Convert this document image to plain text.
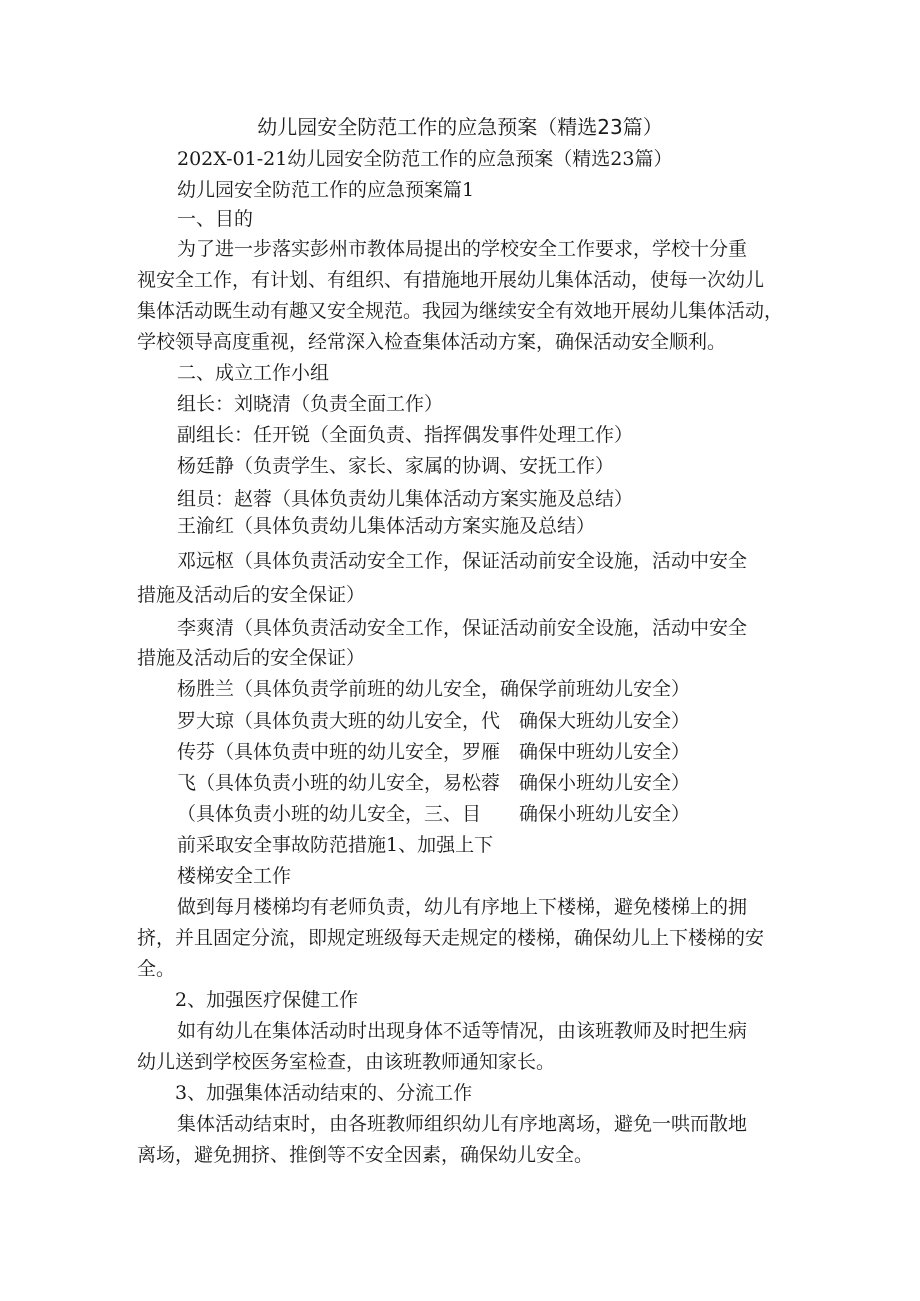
幼儿园安全防范工作的应急预案（精选23篇）

202X-01-21幼儿园安全防范工作的应急预案（精选23篇）

幼儿园安全防范工作的应急预案篇1

一、目的

为了进一步落实彭州市教体局提出的学校安全工作要求，学校十分重

视安全工作，有计划、有组织、有措施地开展幼儿集体活动，使每一次幼儿

集体活动既生动有趣又安全规范。我园为继续安全有效地开展幼儿集体活动，

学校领导高度重视，经常深入检查集体活动方案，确保活动安全顺利。

二、成立工作小组

组长：刘晓清（负责全面工作）

副组长：任开锐（全面负责、指挥偶发事件处理工作）

杨廷静（负责学生、家长、家属的协调、安抚工作）

组员：赵蓉（具体负责幼儿集体活动方案实施及总结）

王渝红（具体负责幼儿集体活动方案实施及总结）

邓远枢（具体负责活动安全工作，保证活动前安全设施，活动中安全

措施及活动后的安全保证）

李爽清（具体负责活动安全工作，保证活动前安全设施，活动中安全

措施及活动后的安全保证）

杨胜兰（具体负责学前班的幼儿安全，确保学前班幼儿安全）

罗大琼（具体负责大班的幼儿安全，代 确保大班幼儿安全）

传芬（具体负责中班的幼儿安全，罗雁 确保中班幼儿安全）

飞（具体负责小班的幼儿安全，易松蓉 确保小班幼儿安全）

（具体负责小班的幼儿安全，三、目 确保小班幼儿安全）

前采取安全事故防范措施1、加强上下

楼梯安全工作

做到每月楼梯均有老师负责，幼儿有序地上下楼梯，避免楼梯上的拥

挤，并且固定分流，即规定班级每天走规定的楼梯，确保幼儿上下楼梯的安

全。

2、加强医疗保健工作

如有幼儿在集体活动时出现身体不适等情况，由该班教师及时把生病

幼儿送到学校医务室检查，由该班教师通知家长。

3、加强集体活动结束的、分流工作

集体活动结束时，由各班教师组织幼儿有序地离场，避免一哄而散地

离场，避免拥挤、推倒等不安全因素，确保幼儿安全。
